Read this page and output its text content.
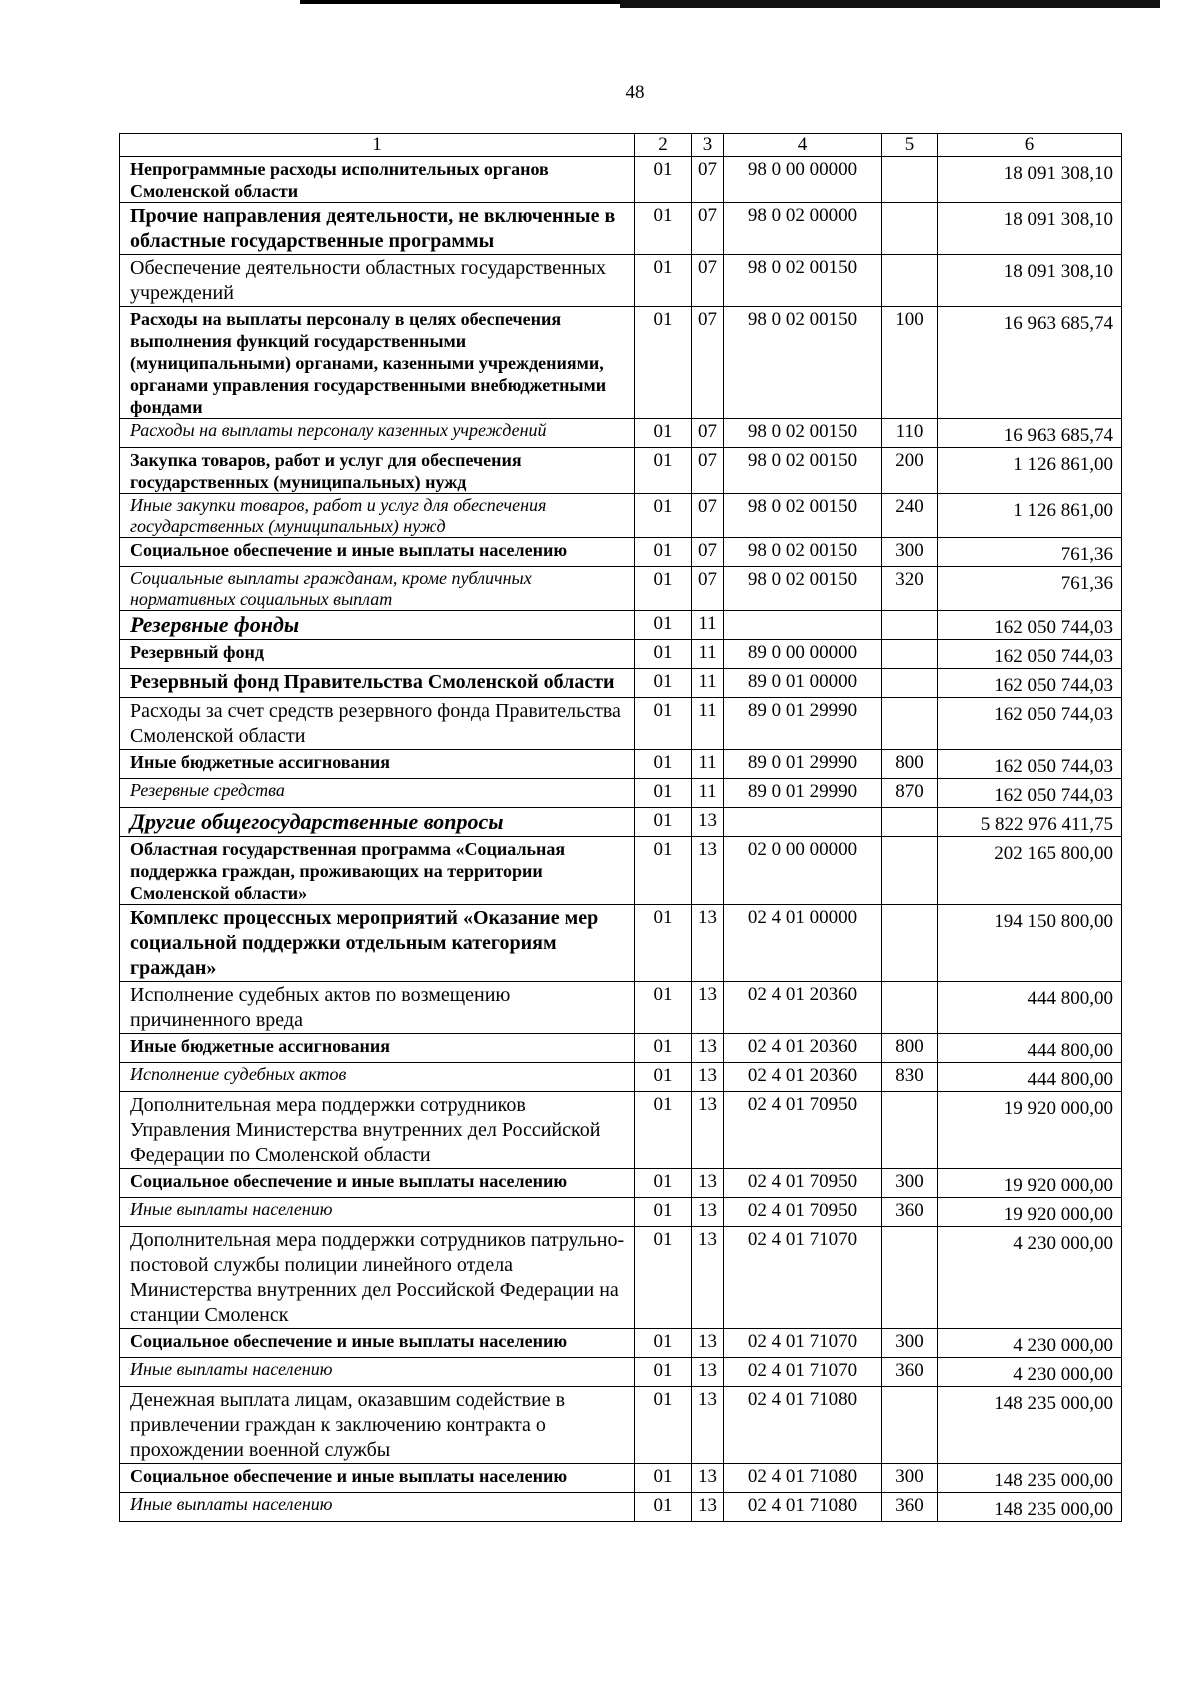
48
1	2	3	4	5	6
Непрограммные расходы исполнительных органов Смоленской области	01	07	98 0 00 00000		18 091 308,10
Прочие направления деятельности, не включенные в областные государственные программы	01	07	98 0 02 00000		18 091 308,10
Обеспечение деятельности областных государственных учреждений	01	07	98 0 02 00150		18 091 308,10
Расходы на выплаты персоналу в целях обеспечения выполнения функций государственными (муниципальными) органами, казенными учреждениями, органами управления государственными внебюджетными фондами	01	07	98 0 02 00150	100	16 963 685,74
Расходы на выплаты персоналу казенных учреждений	01	07	98 0 02 00150	110	16 963 685,74
Закупка товаров, работ и услуг для обеспечения государственных (муниципальных) нужд	01	07	98 0 02 00150	200	1 126 861,00
Иные закупки товаров, работ и услуг для обеспечения государственных (муниципальных) нужд	01	07	98 0 02 00150	240	1 126 861,00
Социальное обеспечение и иные выплаты населению	01	07	98 0 02 00150	300	761,36
Социальные выплаты гражданам, кроме публичных нормативных социальных выплат	01	07	98 0 02 00150	320	761,36
Резервные фонды	01	11			162 050 744,03
Резервный фонд	01	11	89 0 00 00000		162 050 744,03
Резервный фонд Правительства Смоленской области	01	11	89 0 01 00000		162 050 744,03
Расходы за счет средств резервного фонда Правительства Смоленской области	01	11	89 0 01 29990		162 050 744,03
Иные бюджетные ассигнования	01	11	89 0 01 29990	800	162 050 744,03
Резервные средства	01	11	89 0 01 29990	870	162 050 744,03
Другие общегосударственные вопросы	01	13			5 822 976 411,75
Областная государственная программа «Социальная поддержка граждан, проживающих на территории Смоленской области»	01	13	02 0 00 00000		202 165 800,00
Комплекс процессных мероприятий «Оказание мер социальной поддержки отдельным категориям граждан»	01	13	02 4 01 00000		194 150 800,00
Исполнение судебных актов по возмещению причиненного вреда	01	13	02 4 01 20360		444 800,00
Иные бюджетные ассигнования	01	13	02 4 01 20360	800	444 800,00
Исполнение судебных актов	01	13	02 4 01 20360	830	444 800,00
Дополнительная мера поддержки сотрудников Управления Министерства внутренних дел Российской Федерации по Смоленской области	01	13	02 4 01 70950		19 920 000,00
Социальное обеспечение и иные выплаты населению	01	13	02 4 01 70950	300	19 920 000,00
Иные выплаты населению	01	13	02 4 01 70950	360	19 920 000,00
Дополнительная мера поддержки сотрудников патрульно-постовой службы полиции линейного отдела Министерства внутренних дел Российской Федерации на станции Смоленск	01	13	02 4 01 71070		4 230 000,00
Социальное обеспечение и иные выплаты населению	01	13	02 4 01 71070	300	4 230 000,00
Иные выплаты населению	01	13	02 4 01 71070	360	4 230 000,00
Денежная выплата лицам, оказавшим содействие в привлечении граждан к заключению контракта о прохождении военной службы	01	13	02 4 01 71080		148 235 000,00
Социальное обеспечение и иные выплаты населению	01	13	02 4 01 71080	300	148 235 000,00
Иные выплаты населению	01	13	02 4 01 71080	360	148 235 000,00
